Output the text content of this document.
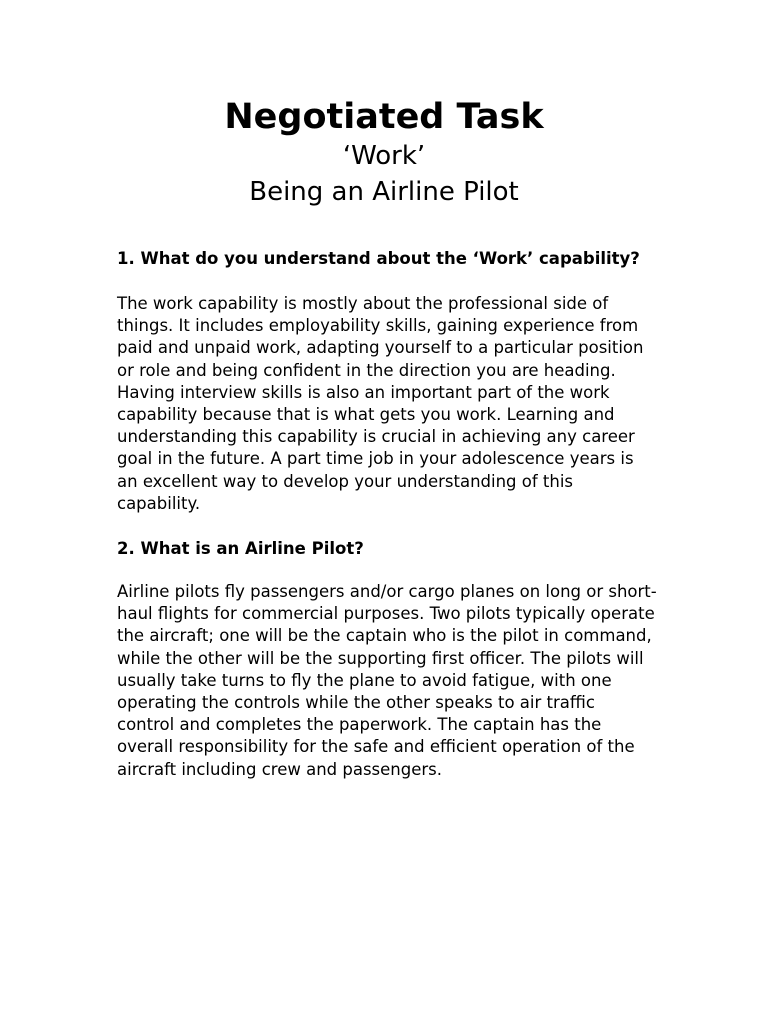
Negotiated Task

‘Work’

Being an Airline Pilot

1. What do you understand about the ‘Work’ capability?

The work capability is mostly about the professional side of things. It includes employability skills, gaining experience from paid and unpaid work, adapting yourself to a particular position or role and being confident in the direction you are heading. Having interview skills is also an important part of the work capability because that is what gets you work. Learning and understanding this capability is crucial in achieving any career goal in the future. A part time job in your adolescence years is an excellent way to develop your understanding of this capability.

2. What is an Airline Pilot?

Airline pilots fly passengers and/or cargo planes on long or short-haul flights for commercial purposes. Two pilots typically operate the aircraft; one will be the captain who is the pilot in command, while the other will be the supporting first officer. The pilots will usually take turns to fly the plane to avoid fatigue, with one operating the controls while the other speaks to air traffic control and completes the paperwork. The captain has the overall responsibility for the safe and efficient operation of the aircraft including crew and passengers.
